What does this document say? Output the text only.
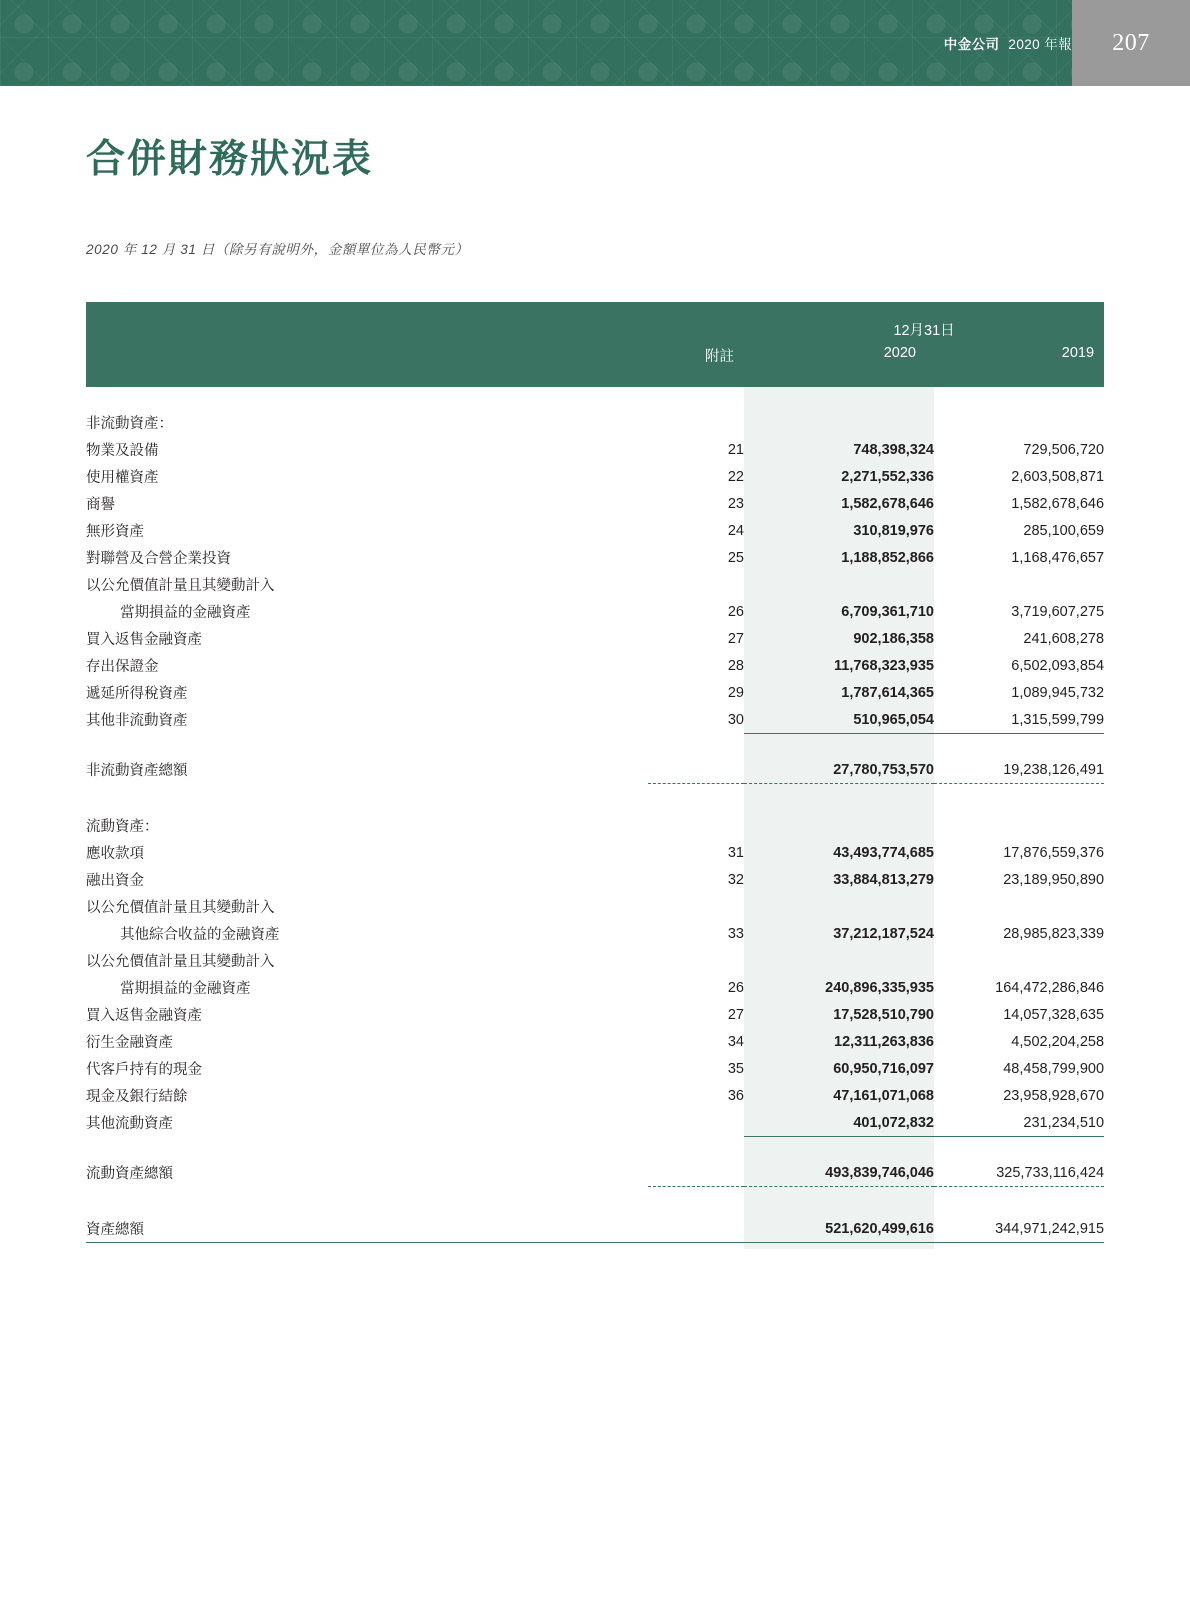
中金公司 2020 年報	207
合併財務狀況表
2020 年 12 月 31 日（除另有說明外，金額單位為人民幣元）
		12月31日	
	附註	2020	2019

非流動資產：			
物業及設備	21	748,398,324	729,506,720
使用權資產	22	2,271,552,336	2,603,508,871
商譽	23	1,582,678,646	1,582,678,646
無形資產	24	310,819,976	285,100,659
對聯營及合營企業投資	25	1,188,852,866	1,168,476,657
以公允價值計量且其變動計入			
當期損益的金融資產	26	6,709,361,710	3,719,607,275
買入返售金融資產	27	902,186,358	241,608,278
存出保證金	28	11,768,323,935	6,502,093,854
遞延所得稅資產	29	1,787,614,365	1,089,945,732
其他非流動資產	30	510,965,054	1,315,599,799

非流動資產總額		27,780,753,570	19,238,126,491

流動資產：			
應收款項	31	43,493,774,685	17,876,559,376
融出資金	32	33,884,813,279	23,189,950,890
以公允價值計量且其變動計入			
其他綜合收益的金融資產	33	37,212,187,524	28,985,823,339
以公允價值計量且其變動計入			
當期損益的金融資產	26	240,896,335,935	164,472,286,846
買入返售金融資產	27	17,528,510,790	14,057,328,635
衍生金融資產	34	12,311,263,836	4,502,204,258
代客戶持有的現金	35	60,950,716,097	48,458,799,900
現金及銀行結餘	36	47,161,071,068	23,958,928,670
其他流動資產		401,072,832	231,234,510

流動資產總額		493,839,746,046	325,733,116,424

資產總額		521,620,499,616	344,971,242,915
